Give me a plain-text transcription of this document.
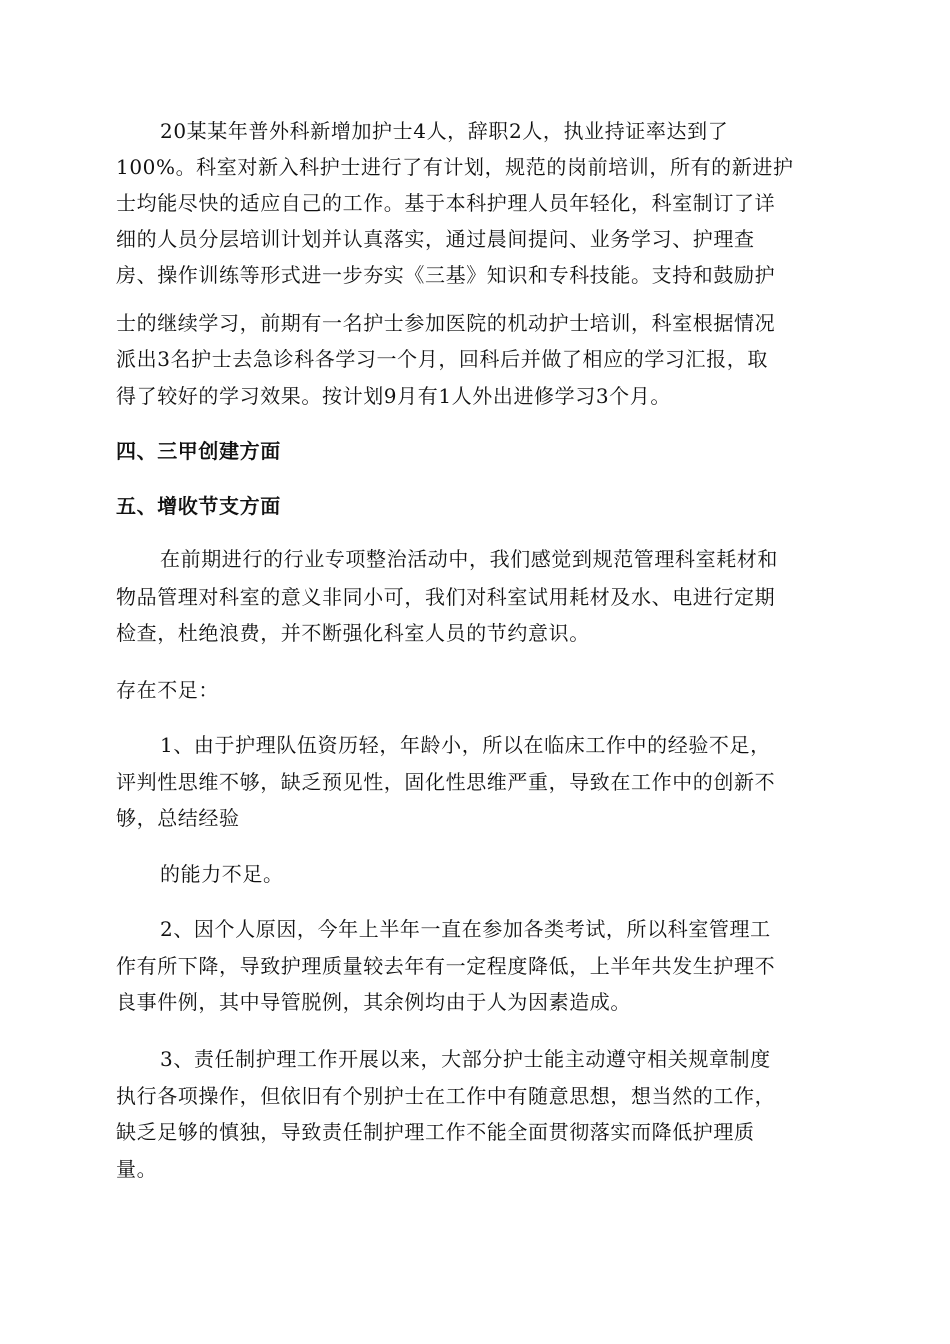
20某某年普外科新增加护士4人，辞职2人，执业持证率达到了
100%。科室对新入科护士进行了有计划，规范的岗前培训，所有的新进护
士均能尽快的适应自己的工作。基于本科护理人员年轻化，科室制订了详
细的人员分层培训计划并认真落实，通过晨间提问、业务学习、护理查
房、操作训练等形式进一步夯实《三基》知识和专科技能。支持和鼓励护
士的继续学习，前期有一名护士参加医院的机动护士培训，科室根据情况
派出3名护士去急诊科各学习一个月，回科后并做了相应的学习汇报，取
得了较好的学习效果。按计划9月有1人外出进修学习3个月。
四、三甲创建方面
五、增收节支方面
在前期进行的行业专项整治活动中，我们感觉到规范管理科室耗材和
物品管理对科室的意义非同小可，我们对科室试用耗材及水、电进行定期
检查，杜绝浪费，并不断强化科室人员的节约意识。
存在不足：
1、由于护理队伍资历轻，年龄小，所以在临床工作中的经验不足，
评判性思维不够，缺乏预见性，固化性思维严重，导致在工作中的创新不
够，总结经验
的能力不足。
2、因个人原因，今年上半年一直在参加各类考试，所以科室管理工
作有所下降，导致护理质量较去年有一定程度降低，上半年共发生护理不
良事件例，其中导管脱例，其余例均由于人为因素造成。
3、责任制护理工作开展以来，大部分护士能主动遵守相关规章制度
执行各项操作，但依旧有个别护士在工作中有随意思想，想当然的工作，
缺乏足够的慎独，导致责任制护理工作不能全面贯彻落实而降低护理质
量。
